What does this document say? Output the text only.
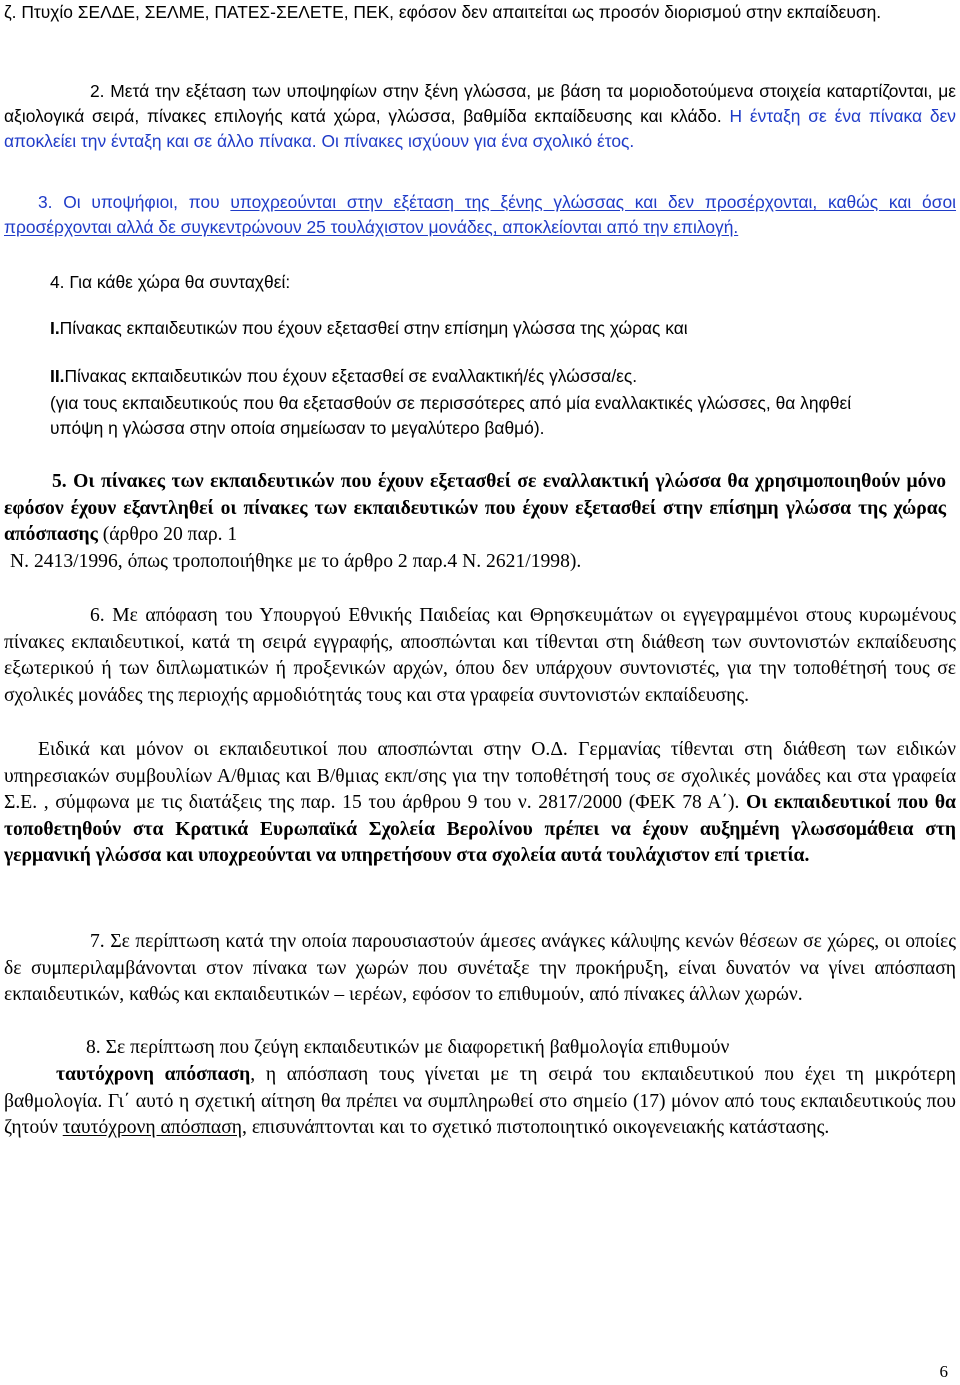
ζ. Πτυχίο ΣΕΛΔΕ, ΣΕΛΜΕ, ΠΑΤΕΣ-ΣΕΛΕΤΕ, ΠΕΚ, εφόσον δεν απαιτείται ως προσόν διορισμού στην εκπαίδευση.

2. Μετά την εξέταση των υποψηφίων στην ξένη γλώσσα, με βάση τα μοριοδοτούμενα στοιχεία καταρτίζονται, με αξιολογικά σειρά, πίνακες επιλογής κατά χώρα, γλώσσα, βαθμίδα εκπαίδευσης και κλάδο. Η ένταξη σε ένα πίνακα δεν αποκλείει την ένταξη και σε άλλο πίνακα. Οι πίνακες ισχύουν για ένα σχολικό έτος.

3. Οι υποψήφιοι, που υποχρεούνται στην εξέταση της ξένης γλώσσας και δεν προσέρχονται, καθώς και όσοι προσέρχονται αλλά δε συγκεντρώνουν 25 τουλάχιστον μονάδες, αποκλείονται από την επιλογή.

4. Για κάθε χώρα θα συνταχθεί:

I.Πίνακας εκπαιδευτικών που έχουν εξετασθεί στην επίσημη γλώσσα της χώρας και

II.Πίνακας εκπαιδευτικών που έχουν εξετασθεί σε εναλλακτική/ές γλώσσα/ες.

(για τους εκπαιδευτικούς που θα εξετασθούν σε περισσότερες από μία εναλλακτικές γλώσσες, θα ληφθεί υπόψη η γλώσσα στην οποία σημείωσαν το μεγαλύτερο βαθμό).

5. Οι πίνακες των εκπαιδευτικών που έχουν εξετασθεί σε εναλλακτική γλώσσα θα χρησιμοποιηθούν μόνο εφόσον έχουν εξαντληθεί οι πίνακες των εκπαιδευτικών που έχουν εξετασθεί στην επίσημη γλώσσα της χώρας απόσπασης (άρθρο 20 παρ. 1

Ν. 2413/1996, όπως τροποποιήθηκε με το άρθρο 2 παρ.4 Ν. 2621/1998).

6. Με απόφαση του Υπουργού Εθνικής Παιδείας και Θρησκευμάτων οι εγγεγραμμένοι στους κυρωμένους πίνακες εκπαιδευτικοί, κατά τη σειρά εγγραφής, αποσπώνται και τίθενται στη διάθεση των συντονιστών εκπαίδευσης εξωτερικού ή των διπλωματικών ή προξενικών αρχών, όπου δεν υπάρχουν συντονιστές, για την τοποθέτησή τους σε σχολικές μονάδες της περιοχής αρμοδιότητάς τους και στα γραφεία συντονιστών εκπαίδευσης.

Ειδικά και μόνον οι εκπαιδευτικοί που αποσπώνται στην Ο.Δ. Γερμανίας τίθενται στη διάθεση των ειδικών υπηρεσιακών συμβουλίων Α/θμιας και Β/θμιας εκπ/σης για την τοποθέτησή τους σε σχολικές μονάδες και στα γραφεία Σ.Ε. , σύμφωνα με τις διατάξεις της παρ. 15 του άρθρου 9 του ν. 2817/2000 (ΦΕΚ 78 Α΄). Οι εκπαιδευτικοί που θα τοποθετηθούν στα Κρατικά Ευρωπαϊκά Σχολεία Βερολίνου πρέπει να έχουν αυξημένη γλωσσομάθεια στη γερμανική γλώσσα και υποχρεούνται να υπηρετήσουν στα σχολεία αυτά τουλάχιστον επί τριετία.

7. Σε περίπτωση κατά την οποία παρουσιαστούν άμεσες ανάγκες κάλυψης κενών θέσεων σε χώρες, οι οποίες δε συμπεριλαμβάνονται στον πίνακα των χωρών που συνέταξε την προκήρυξη, είναι δυνατόν να γίνει απόσπαση εκπαιδευτικών, καθώς και εκπαιδευτικών – ιερέων, εφόσον το επιθυμούν, από πίνακες άλλων χωρών.

8. Σε περίπτωση που ζεύγη εκπαιδευτικών με διαφορετική βαθμολογία επιθυμούν

ταυτόχρονη απόσπαση, η απόσπαση τους γίνεται με τη σειρά του εκπαιδευτικού που έχει τη μικρότερη βαθμολογία. Γι΄ αυτό η σχετική αίτηση θα πρέπει να συμπληρωθεί στο σημείο (17) μόνον από τους εκπαιδευτικούς που ζητούν ταυτόχρονη απόσπαση, επισυνάπτονται και το σχετικό πιστοποιητικό οικογενειακής κατάστασης.

6
